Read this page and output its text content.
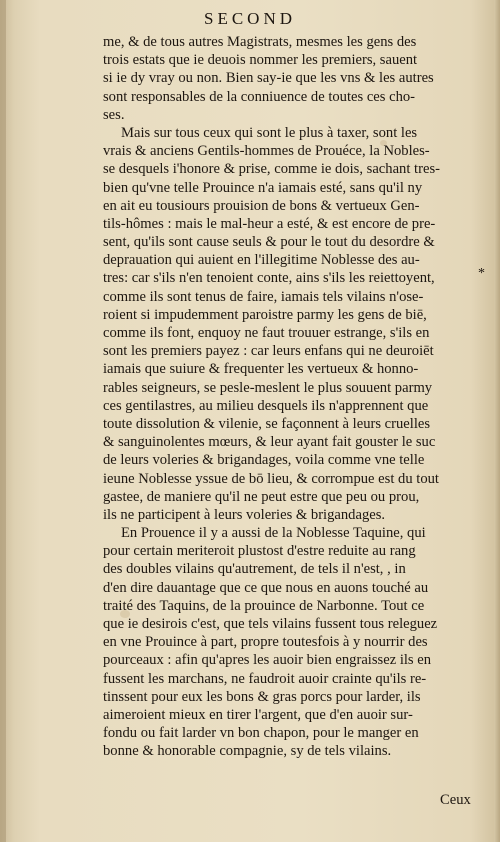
SECOND
me, & de tous autres Magistrats, mesmes les gens des
trois estats que ie deuois nommer les premiers, sauent
si ie dy vray ou non. Bien say-ie que les vns & les autres
sont responsables de la conniuence de toutes ces cho-
ses.
Mais sur tous ceux qui sont le plus à taxer, sont les
vrais & anciens Gentils-hommes de Prouéce, la Nobles-
se desquels i'honore & prise, comme ie dois, sachant tres-
bien qu'vne telle Prouince n'a iamais esté, sans qu'il ny
en ait eu tousiours prouision de bons & vertueux Gen-
tils-hômes : mais le mal-heur a esté, & est encore de pre-
sent, qu'ils sont cause seuls & pour le tout du desordre &
deprauation qui auient en l'illegitime Noblesse des au-
tres: car s'ils n'en tenoient conte, ains s'ils les reiettoyent,
comme ils sont tenus de faire, iamais tels vilains n'ose-
roient si impudemment paroistre parmy les gens de biē,
comme ils font, enquoy ne faut trouuer estrange, s'ils en
sont les premiers payez : car leurs enfans qui ne deuroiēt
iamais que suiure & frequenter les vertueux & honno-
rables seigneurs, se pesle-meslent le plus souuent parmy
ces gentilastres, au milieu desquels ils n'apprennent que
toute dissolution & vilenie, se façonnent à leurs cruelles
& sanguinolentes mœurs, & leur ayant fait gouster le suc
de leurs voleries & brigandages, voila comme vne telle
ieune Noblesse yssue de bō lieu, & corrompue est du tout
gastee, de maniere qu'il ne peut estre que peu ou prou,
ils ne participent à leurs voleries & brigandages.
En Prouence il y a aussi de la Noblesse Taquine, qui
pour certain meriteroit plustost d'estre reduite au rang
des doubles vilains qu'autrement, de tels il n'est, , in
d'en dire dauantage que ce que nous en auons touché au
traité des Taquins, de la prouince de Narbonne. Tout ce
que ie desirois c'est, que tels vilains fussent tous releguez
en vne Prouince à part, propre toutesfois à y nourrir des
pourceaux : afin qu'apres les auoir bien engraissez ils en
fussent les marchans, ne faudroit auoir crainte qu'ils re-
tinssent pour eux les bons & gras porcs pour larder, ils
aimeroient mieux en tirer l'argent, que d'en auoir sur-
fondu ou fait larder vn bon chapon, pour le manger en
bonne & honorable compagnie, sy de tels vilains.
*
Ceux
